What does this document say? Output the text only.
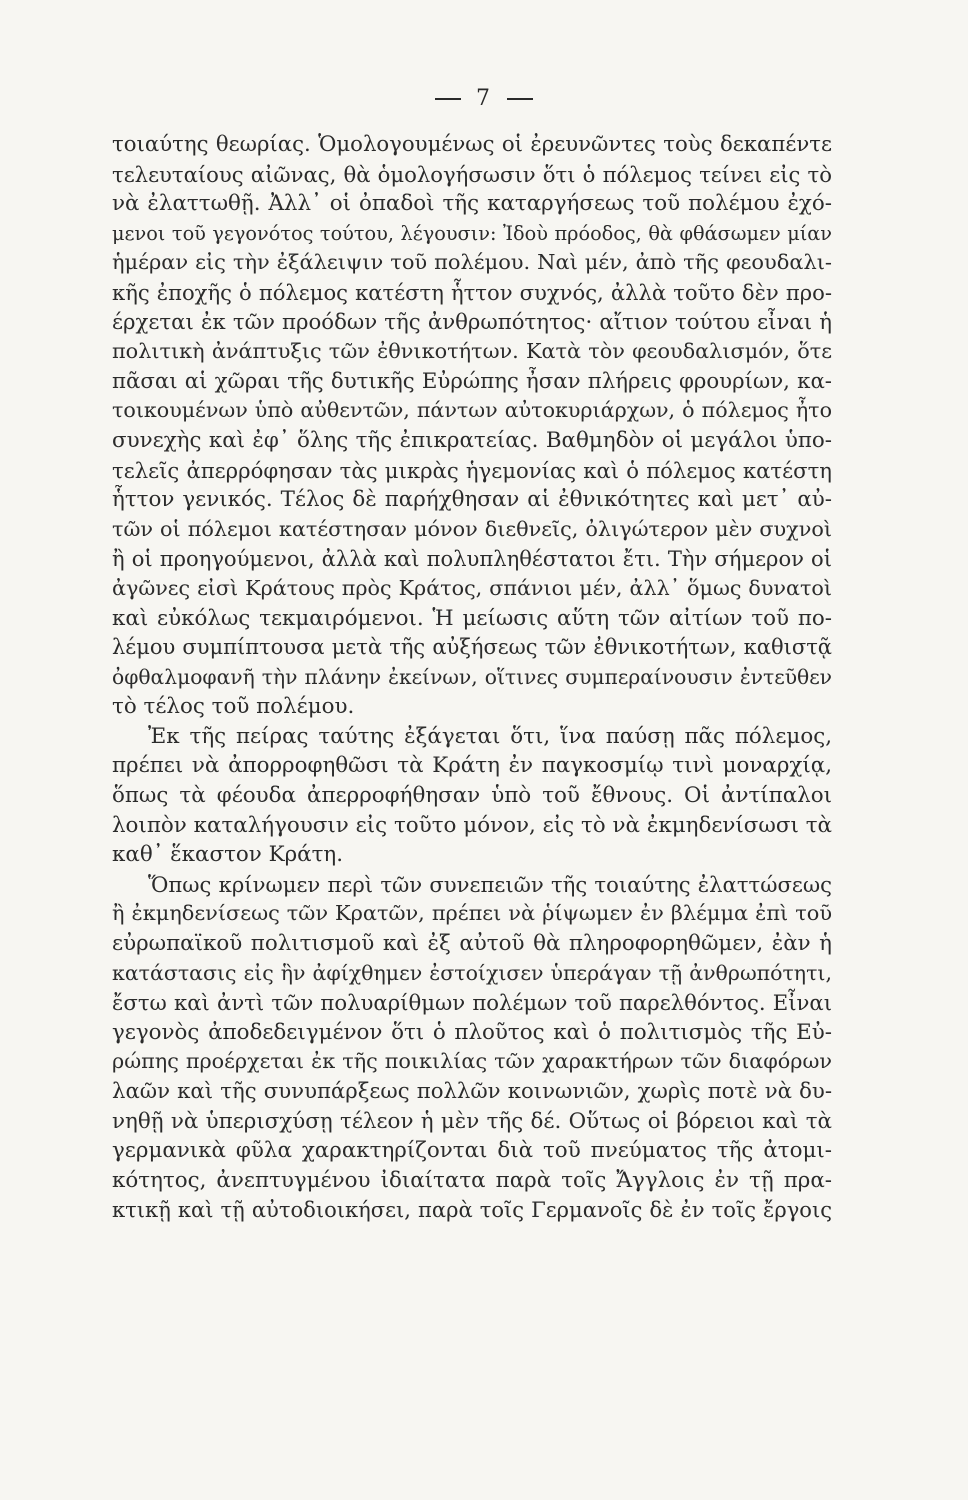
7
τοιαύτης θεωρίας. Ὁμολογουμένως οἱ ἐρευνῶντες τοὺς δεκαπέντε
τελευταίους αἰῶνας, θὰ ὁμολογήσωσιν ὅτι ὁ πόλεμος τείνει εἰς τὸ
νὰ ἐλαττωθῇ. Ἀλλ᾽ οἱ ὀπαδοὶ τῆς καταργήσεως τοῦ πολέμου ἐχό-
μενοι τοῦ γεγονότος τούτου, λέγουσιν: Ἰδοὺ πρόοδος, θὰ φθάσωμεν μίαν
ἡμέραν εἰς τὴν ἐξάλειψιν τοῦ πολέμου. Ναὶ μέν, ἀπὸ τῆς φεουδαλι-
κῆς ἐποχῆς ὁ πόλεμος κατέστη ἧττον συχνός, ἀλλὰ τοῦτο δὲν προ-
έρχεται ἐκ τῶν προόδων τῆς ἀνθρωπότητος· αἴτιον τούτου εἶναι ἡ
πολιτικὴ ἀνάπτυξις τῶν ἐθνικοτήτων. Κατὰ τὸν φεουδαλισμόν, ὅτε
πᾶσαι αἱ χῶραι τῆς δυτικῆς Εὐρώπης ἦσαν πλήρεις φρουρίων, κα-
τοικουμένων ὑπὸ αὐθεντῶν, πάντων αὐτοκυριάρχων, ὁ πόλεμος ἦτο
συνεχὴς καὶ ἐφ᾽ ὅλης τῆς ἐπικρατείας. Βαθμηδὸν οἱ μεγάλοι ὑπο-
τελεῖς ἀπερρόφησαν τὰς μικρὰς ἡγεμονίας καὶ ὁ πόλεμος κατέστη
ἧττον γενικός. Τέλος δὲ παρήχθησαν αἱ ἐθνικότητες καὶ μετ᾽ αὐ-
τῶν οἱ πόλεμοι κατέστησαν μόνον διεθνεῖς, ὀλιγώτερον μὲν συχνοὶ
ἢ οἱ προηγούμενοι, ἀλλὰ καὶ πολυπληθέστατοι ἔτι. Τὴν σήμερον οἱ
ἀγῶνες εἰσὶ Κράτους πρὸς Κράτος, σπάνιοι μέν, ἀλλ᾽ ὅμως δυνατοὶ
καὶ εὐκόλως τεκμαιρόμενοι. Ἡ μείωσις αὕτη τῶν αἰτίων τοῦ πο-
λέμου συμπίπτουσα μετὰ τῆς αὐξήσεως τῶν ἐθνικοτήτων, καθιστᾷ
ὀφθαλμοφανῆ τὴν πλάνην ἐκείνων, οἵτινες συμπεραίνουσιν ἐντεῦθεν
τὸ τέλος τοῦ πολέμου.
Ἐκ τῆς πείρας ταύτης ἐξάγεται ὅτι, ἵνα παύσῃ πᾶς πόλεμος,
πρέπει νὰ ἀπορροφηθῶσι τὰ Κράτη ἐν παγκοσμίῳ τινὶ μοναρχίᾳ,
ὅπως τὰ φέουδα ἀπερροφήθησαν ὑπὸ τοῦ ἔθνους. Οἱ ἀντίπαλοι
λοιπὸν καταλήγουσιν εἰς τοῦτο μόνον, εἰς τὸ νὰ ἐκμηδενίσωσι τὰ
καθ᾽ ἕκαστον Κράτη.
Ὅπως κρίνωμεν περὶ τῶν συνεπειῶν τῆς τοιαύτης ἐλαττώσεως
ἢ ἐκμηδενίσεως τῶν Κρατῶν, πρέπει νὰ ῥίψωμεν ἐν βλέμμα ἐπὶ τοῦ
εὐρωπαϊκοῦ πολιτισμοῦ καὶ ἐξ αὐτοῦ θὰ πληροφορηθῶμεν, ἐὰν ἡ
κατάστασις εἰς ἣν ἀφίχθημεν ἐστοίχισεν ὑπεράγαν τῇ ἀνθρωπότητι,
ἔστω καὶ ἀντὶ τῶν πολυαρίθμων πολέμων τοῦ παρελθόντος. Εἶναι
γεγονὸς ἀποδεδειγμένον ὅτι ὁ πλοῦτος καὶ ὁ πολιτισμὸς τῆς Εὐ-
ρώπης προέρχεται ἐκ τῆς ποικιλίας τῶν χαρακτήρων τῶν διαφόρων
λαῶν καὶ τῆς συνυπάρξεως πολλῶν κοινωνιῶν, χωρὶς ποτὲ νὰ δυ-
νηθῇ νὰ ὑπερισχύσῃ τέλεον ἡ μὲν τῆς δέ. Οὕτως οἱ βόρειοι καὶ τὰ
γερμανικὰ φῦλα χαρακτηρίζονται διὰ τοῦ πνεύματος τῆς ἀτομι-
κότητος, ἀνεπτυγμένου ἰδιαίτατα παρὰ τοῖς Ἄγγλοις ἐν τῇ πρα-
κτικῇ καὶ τῇ αὐτοδιοικήσει, παρὰ τοῖς Γερμανοῖς δὲ ἐν τοῖς ἔργοις
